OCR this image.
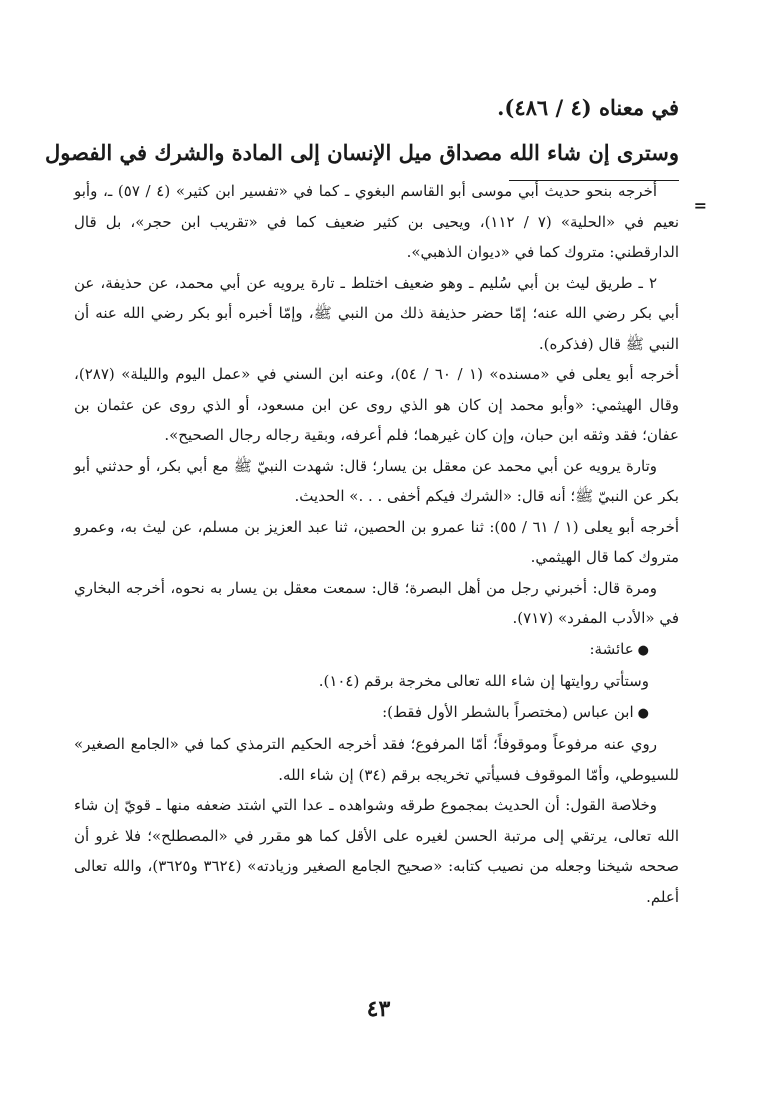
في معناه (٤ / ٤٨٦).
وسترى إن شاء الله مصداق ميل الإنسان إلى المادة والشرك في الفصول
=

أخرجه بنحو حديث أبي موسى أبو القاسم البغوي ـ كما في «تفسير ابن كثير» (٤ / ٥٧) ـ، وأبو نعيم في «الحلية» (٧ / ١١٢)، ويحيى بن كثير ضعيف كما في «تقريب ابن حجر»، بل قال الدارقطني: متروك كما في «ديوان الذهبي».

٢ ـ طريق ليث بن أبي سُليم ـ وهو ضعيف اختلط ـ تارة يرويه عن أبي محمد، عن حذيفة، عن أبي بكر رضي الله عنه؛ إمّا حضر حذيفة ذلك من النبي ﷺ، وإمّا أخبره أبو بكر رضي الله عنه أن النبي ﷺ قال (فذكره).

أخرجه أبو يعلى في «مسنده» (١ / ٦٠ / ٥٤)، وعنه ابن السني في «عمل اليوم والليلة» (٢٨٧)، وقال الهيثمي: «وأبو محمد إن كان هو الذي روى عن ابن مسعود، أو الذي روى عن عثمان بن عفان؛ فقد وثقه ابن حبان، وإن كان غيرهما؛ فلم أعرفه، وبقية رجاله رجال الصحيح».

وتارة يرويه عن أبي محمد عن معقل بن يسار؛ قال: شهدت النبيّ ﷺ مع أبي بكر، أو حدثني أبو بكر عن النبيّ ﷺ؛ أنه قال: «الشرك فيكم أخفى . . .» الحديث.

أخرجه أبو يعلى (١ / ٦١ / ٥٥): ثنا عمرو بن الحصين، ثنا عبد العزيز بن مسلم، عن ليث به، وعمرو متروك كما قال الهيثمي.

ومرة قال: أخبرني رجل من أهل البصرة؛ قال: سمعت معقل بن يسار به نحوه، أخرجه البخاري في «الأدب المفرد» (٧١٧).

●عائشة:

وستأتي روايتها إن شاء الله تعالى مخرجة برقم (١٠٤).

●ابن عباس (مختصراً بالشطر الأول فقط):

روي عنه مرفوعاً وموقوفاً؛ أمّا المرفوع؛ فقد أخرجه الحكيم الترمذي كما في «الجامع الصغير» للسيوطي، وأمّا الموقوف فسيأتي تخريجه برقم (٣٤) إن شاء الله.

وخلاصة القول: أن الحديث بمجموع طرقه وشواهده ـ عدا التي اشتد ضعفه منها ـ قويّ إن شاء الله تعالى، يرتقي إلى مرتبة الحسن لغيره على الأقل كما هو مقرر في «المصطلح»؛ فلا غرو أن صححه شيخنا وجعله من نصيب كتابه: «صحيح الجامع الصغير وزيادته» (٣٦٢٤ و٣٦٢٥)، والله تعالى أعلم.

٤٣
